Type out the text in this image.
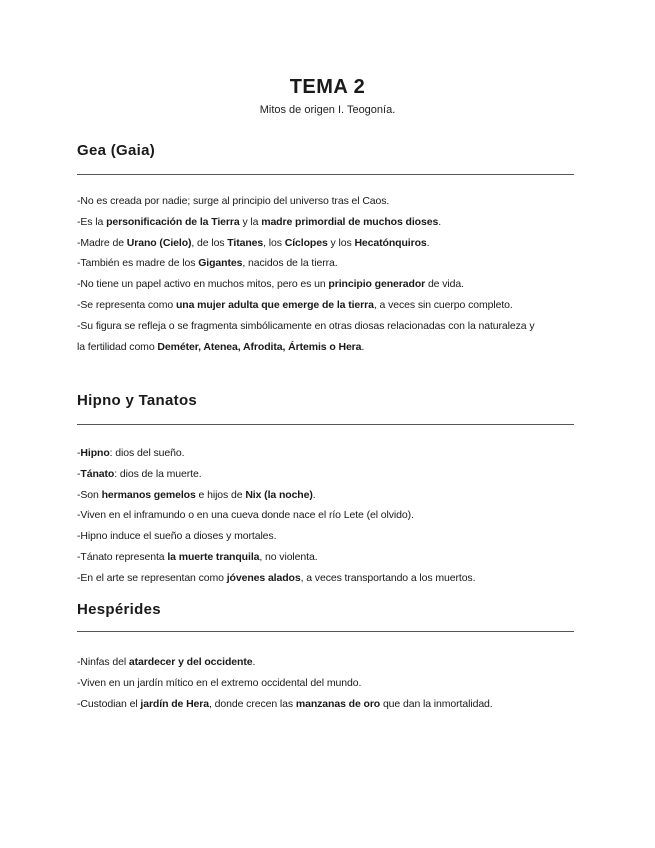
TEMA 2
Mitos de origen I. Teogonía.
Gea (Gaia)
-No es creada por nadie; surge al principio del universo tras el Caos.
-Es la personificación de la Tierra y la madre primordial de muchos dioses.
-Madre de Urano (Cielo), de los Titanes, los Cíclopes y los Hecatónquiros.
-También es madre de los Gigantes, nacidos de la tierra.
-No tiene un papel activo en muchos mitos, pero es un principio generador de vida.
-Se representa como una mujer adulta que emerge de la tierra, a veces sin cuerpo completo.
-Su figura se refleja o se fragmenta simbólicamente en otras diosas relacionadas con la naturaleza y
la fertilidad como Deméter, Atenea, Afrodita, Ártemis o Hera.
Hipno y Tanatos
-Hipno: dios del sueño.
-Tánato: dios de la muerte.
-Son hermanos gemelos e hijos de Nix (la noche).
-Viven en el inframundo o en una cueva donde nace el río Lete (el olvido).
-Hipno induce el sueño a dioses y mortales.
-Tánato representa la muerte tranquila, no violenta.
-En el arte se representan como jóvenes alados, a veces transportando a los muertos.
Hespérides
-Ninfas del atardecer y del occidente.
-Viven en un jardín mítico en el extremo occidental del mundo.
-Custodian el jardín de Hera, donde crecen las manzanas de oro que dan la inmortalidad.
